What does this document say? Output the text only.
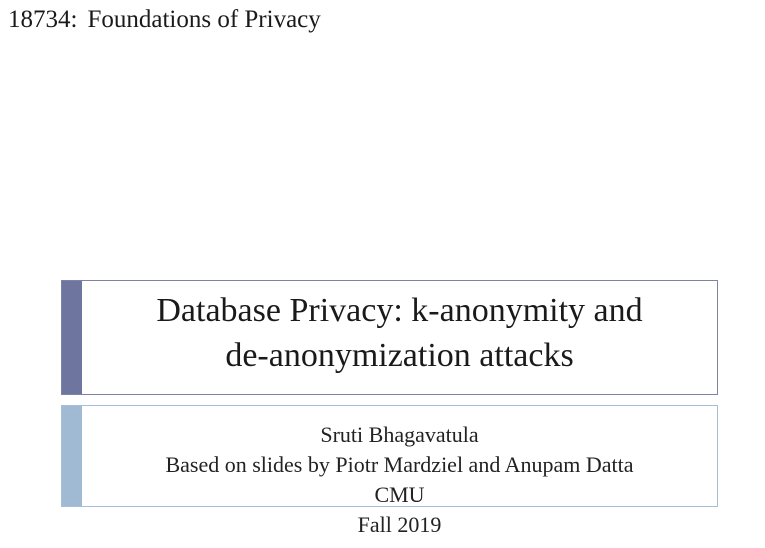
18734: Foundations of Privacy
Database Privacy: k-anonymity and
de-anonymization attacks
Sruti Bhagavatula
Based on slides by Piotr Mardziel and Anupam Datta
CMU
Fall 2019
